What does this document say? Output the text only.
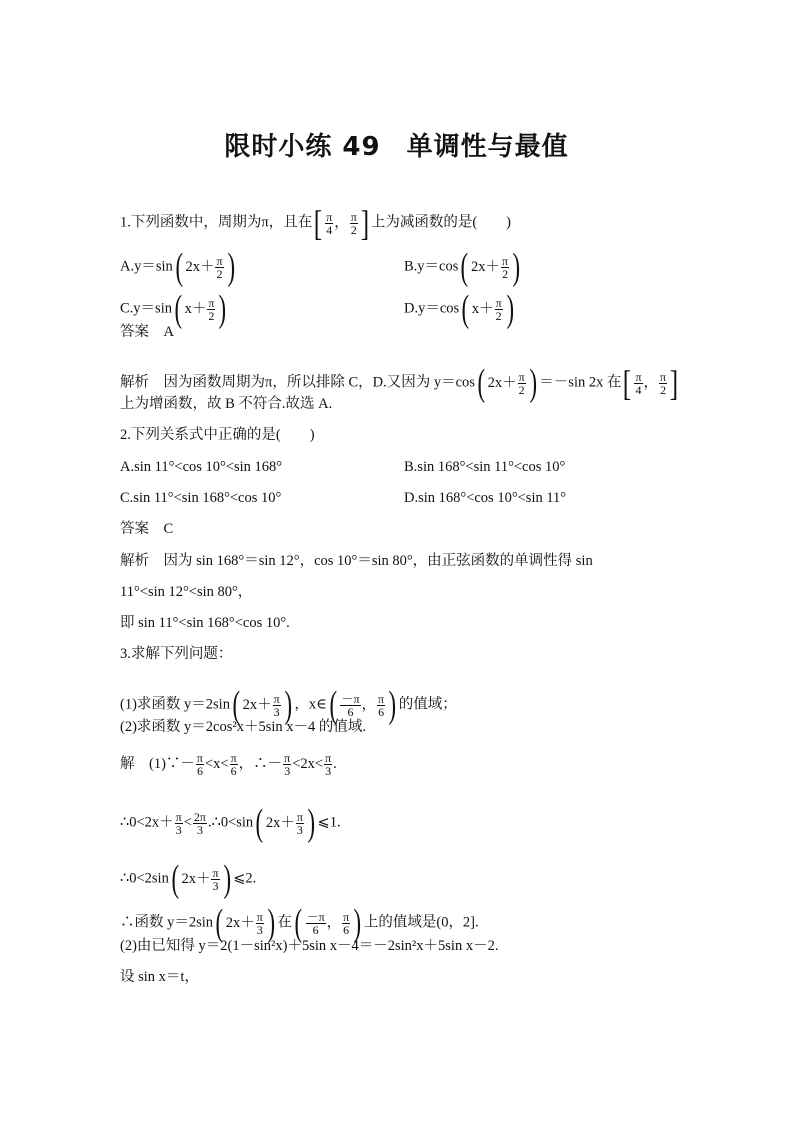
限时小练 49 单调性与最值
1.下列函数中，周期为π，且在 [ $\frac{\pi}{4}$ ， $\frac{\pi}{2}$ ] 上为减函数的是(　　)
A.y＝sin ( $2x+ \frac{\pi}{2}$ )	B.y＝cos ( $2x+ \frac{\pi}{2}$ )
C.y＝sin ( $x+ \frac{\pi}{2}$ )	D.y＝cos ( $x+ \frac{\pi}{2}$ )
答案　A
解析　因为函数周期为π，所以排除 C，D.又因为 y＝cos ( $2x+ \frac{\pi}{2}$ ) ＝－sin 2x 在 [ $\frac{\pi}{4}$ ， $\frac{\pi}{2}$ ]
上为增函数，故 B 不符合.故选 A.
2.下列关系式中正确的是(　　)
A.sin 11°<cos 10°<sin 168°	B.sin 168°<sin 11°<cos 10°
C.sin 11°<sin 168°<cos 10°	D.sin 168°<cos 10°<sin 11°
答案　C
解析　因为 sin 168°＝sin 12°，cos 10°＝sin 80°，由正弦函数的单调性得 sin
11°<sin 12°<sin 80°，
即 sin 11°<sin 168°<cos 10°.
3.求解下列问题：
(1)求函数 y＝2sin ( $2x+ \frac{\pi}{3}$ ) ，x∈ ( $\frac{-\pi}{6}$ ， $\frac{\pi}{6}$ ) 的值域；
(2)求函数 y＝2cos²x＋5sin x－4 的值域.
解　(1)∵－ $\frac{\pi}{6} <x< \frac{\pi}{6}$ ，∴－ $\frac{\pi}{3} <2x< \frac{\pi}{3}$ .
∴0<2x＋ $\frac{\pi}{3} < \frac{2\pi}{3}$ .∴0<sin ( $2x+ \frac{\pi}{3}$ ) ⩽1.
∴0<2sin ( $2x+ \frac{\pi}{3}$ ) ⩽2.
∴函数 y＝2sin ( $2x+ \frac{\pi}{3}$ ) 在 ( $\frac{-\pi}{6}$ ， $\frac{\pi}{6}$ ) 上的值域是(0，2].
(2)由已知得 y＝2(1－sin²x)＋5sin x－4＝－2sin²x＋5sin x－2.
设 sin x＝t，
